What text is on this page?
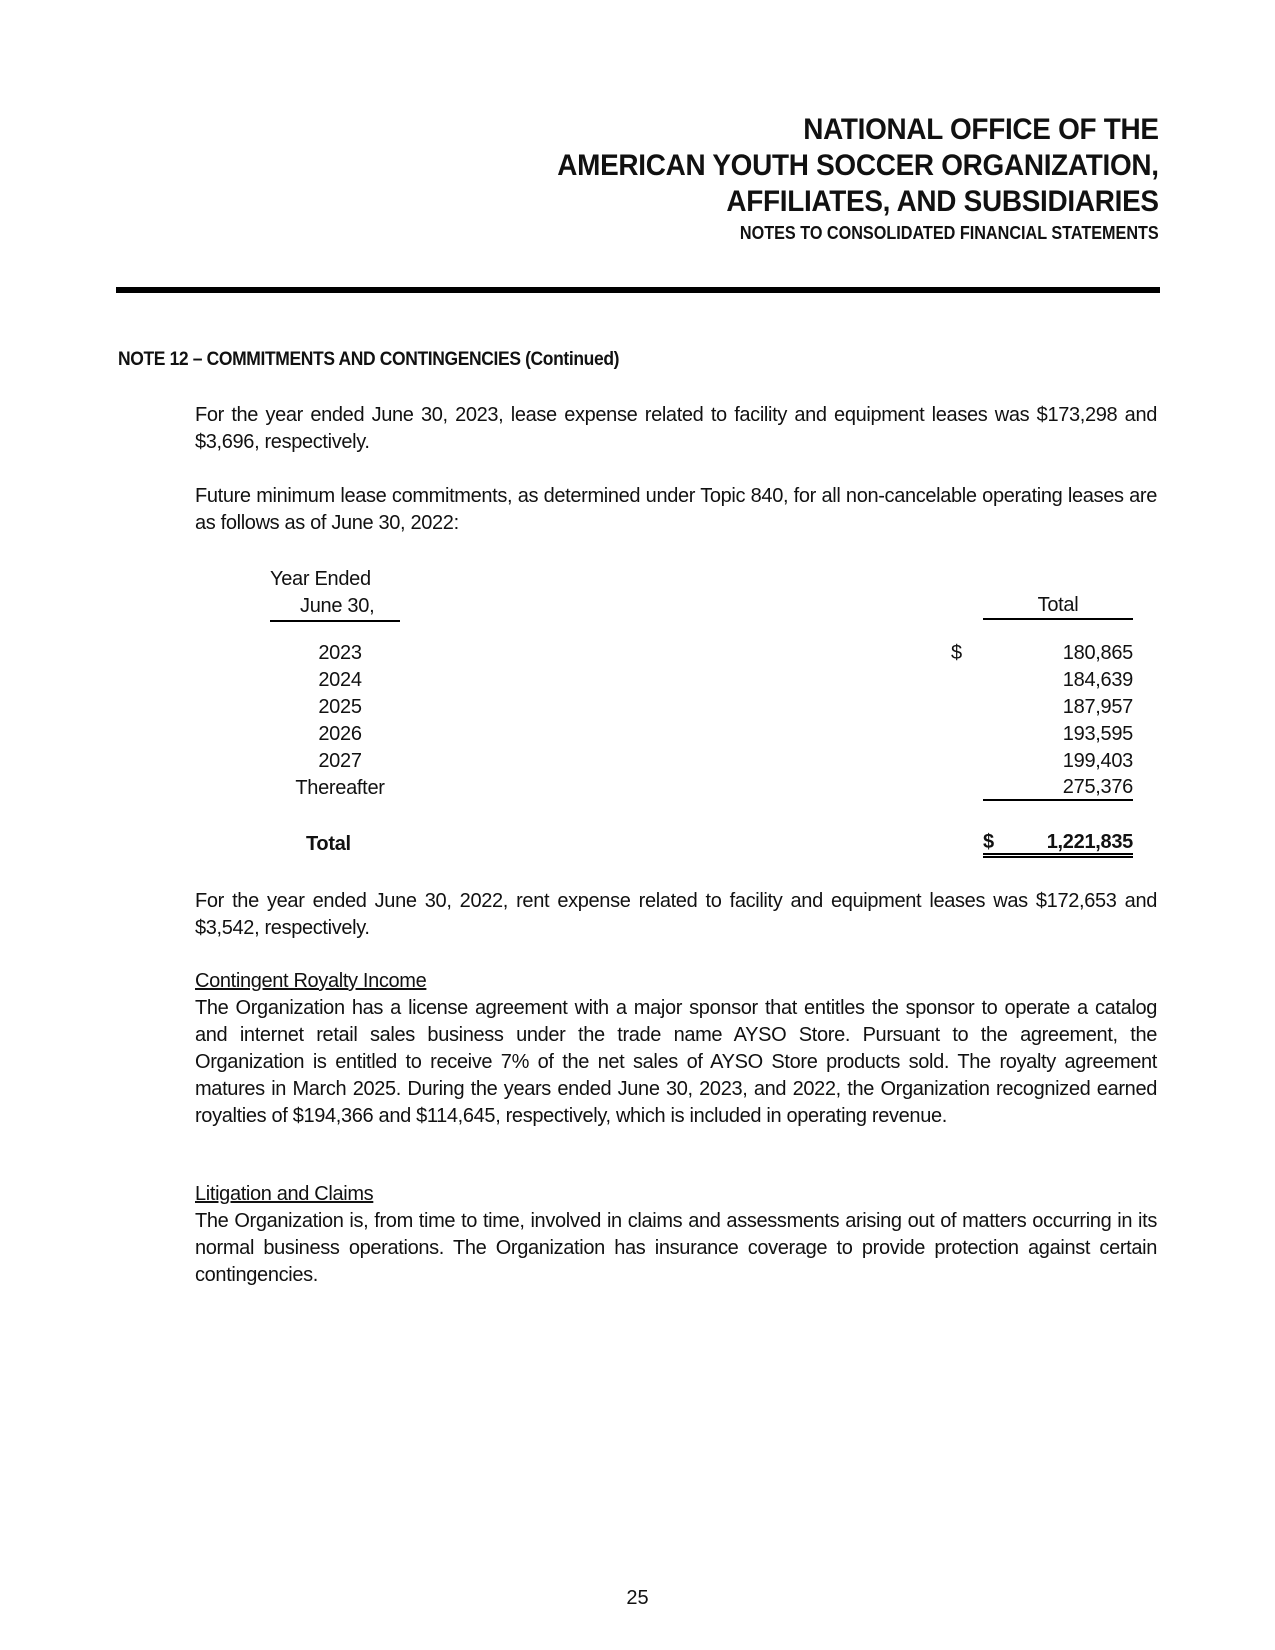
NATIONAL OFFICE OF THE
AMERICAN YOUTH SOCCER ORGANIZATION,
AFFILIATES, AND SUBSIDIARIES
NOTES TO CONSOLIDATED FINANCIAL STATEMENTS
NOTE 12 – COMMITMENTS AND CONTINGENCIES (Continued)
For the year ended June 30, 2023, lease expense related to facility and equipment leases was $173,298 and $3,696, respectively.
Future minimum lease commitments, as determined under Topic 840, for all non-cancelable operating leases are as follows as of June 30, 2022:
Year Ended
June 30,	Total
2023	$	180,865
2024	184,639
2025	187,957
2026	193,595
2027	199,403
Thereafter	275,376
Total	$	1,221,835
For the year ended June 30, 2022, rent expense related to facility and equipment leases was $172,653 and $3,542, respectively.
Contingent Royalty Income
The Organization has a license agreement with a major sponsor that entitles the sponsor to operate a catalog and internet retail sales business under the trade name AYSO Store. Pursuant to the agreement, the Organization is entitled to receive 7% of the net sales of AYSO Store products sold. The royalty agreement matures in March 2025. During the years ended June 30, 2023, and 2022, the Organization recognized earned royalties of $194,366 and $114,645, respectively, which is included in operating revenue.
Litigation and Claims
The Organization is, from time to time, involved in claims and assessments arising out of matters occurring in its normal business operations. The Organization has insurance coverage to provide protection against certain contingencies.
25
